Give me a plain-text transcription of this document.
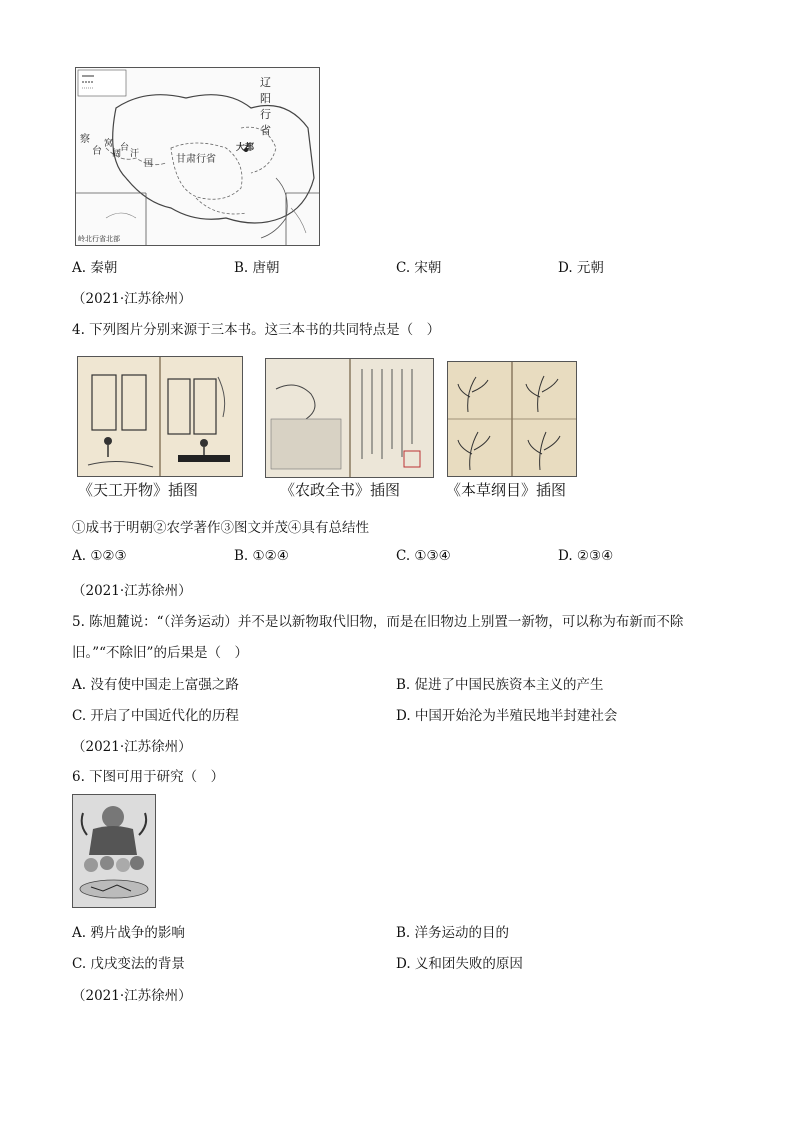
辽
阳
行
省
察
台
窝
阔
台
汗
国 甘肃行省
大都
岭北行省北部
A. 秦朝	B. 唐朝	C. 宋朝	D. 元朝
（2021·江苏徐州）
4. 下列图片分别来源于三本书。这三本书的共同特点是（　）
《天工开物》插图	《农政全书》插图	《本草纲目》插图
①成书于明朝②农学著作③图文并茂④具有总结性
A. ①②③	B. ①②④	C. ①③④	D. ②③④
（2021·江苏徐州）
5. 陈旭麓说：“（洋务运动）并不是以新物取代旧物，而是在旧物边上别置一新物，可以称为布新而不除
旧。”“不除旧”的后果是（　）
A. 没有使中国走上富强之路	B. 促进了中国民族资本主义的产生
C. 开启了中国近代化的历程	D. 中国开始沦为半殖民地半封建社会
（2021·江苏徐州）
6. 下图可用于研究（　）
A. 鸦片战争的影响	B. 洋务运动的目的
C. 戊戌变法的背景	D. 义和团失败的原因
（2021·江苏徐州）
